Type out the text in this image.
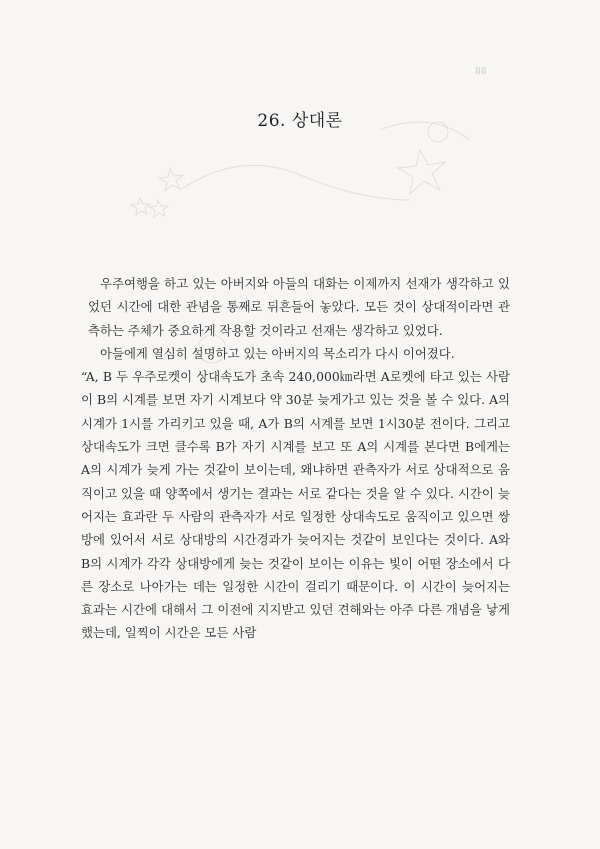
88
26. 상대론

우주여행을 하고 있는 아버지와 아들의 대화는 이제까지 선재가 생각하고 있었던 시간에 대한 관념을 통째로 뒤흔들어 놓았다. 모든 것이 상대적이라면 관측하는 주체가 중요하게 작용할 것이라고 선재는 생각하고 있었다.

아들에게 열심히 설명하고 있는 아버지의 목소리가 다시 이어졌다.

“A, B 두 우주로켓이 상대속도가 초속 240,000㎞라면 A로켓에 타고 있는 사람이 B의 시계를 보면 자기 시계보다 약 30분 늦게가고 있는 것을 볼 수 있다. A의 시계가 1시를 가리키고 있을 때, A가 B의 시계를 보면 1시30분 전이다. 그리고 상대속도가 크면 클수록 B가 자기 시계를 보고 또 A의 시계를 본다면 B에게는 A의 시계가 늦게 가는 것같이 보이는데, 왜냐하면 관측자가 서로 상대적으로 움직이고 있을 때 양쪽에서 생기는 결과는 서로 같다는 것을 알 수 있다. 시간이 늦어지는 효과란 두 사람의 관측자가 서로 일정한 상대속도로 움직이고 있으면 쌍방에 있어서 서로 상대방의 시간경과가 늦어지는 것같이 보인다는 것이다. A와 B의 시계가 각각 상대방에게 늦는 것같이 보이는 이유는 빛이 어떤 장소에서 다른 장소로 나아가는 데는 일정한 시간이 걸리기 때문이다. 이 시간이 늦어지는 효과는 시간에 대해서 그 이전에 지지받고 있던 견해와는 아주 다른 개념을 낳게 했는데, 일찍이 시간은 모든 사람
